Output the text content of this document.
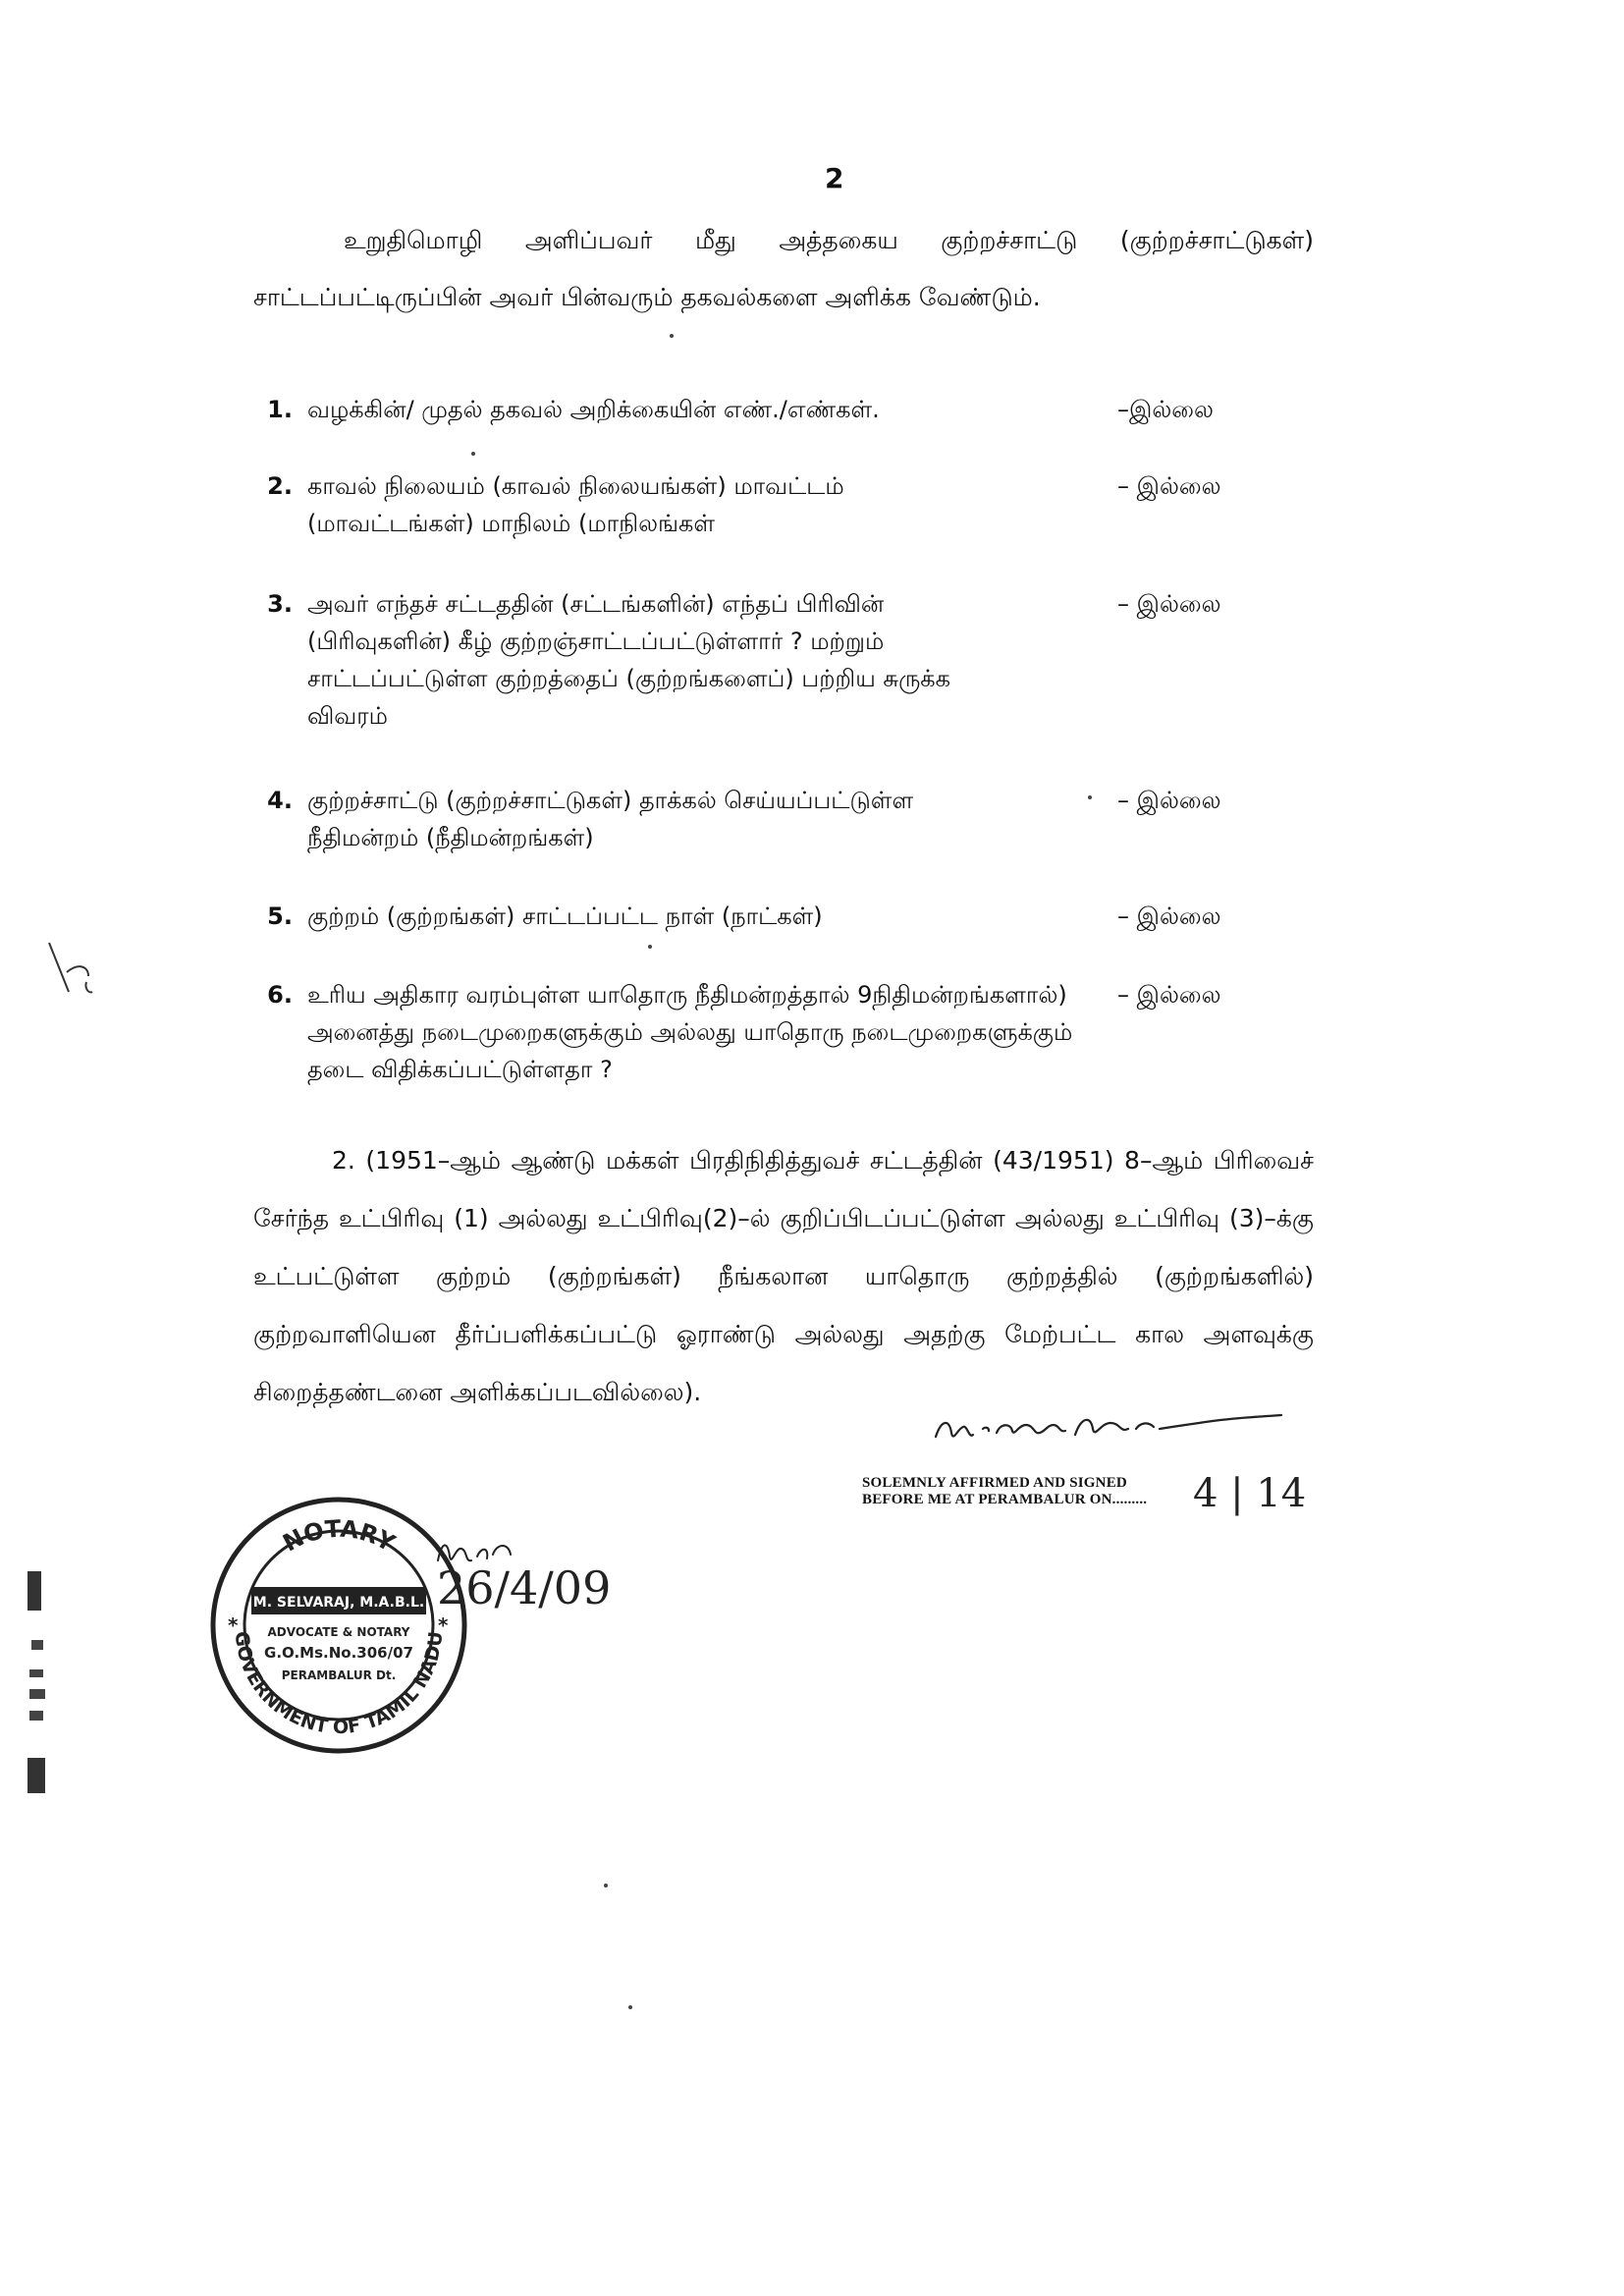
2
உறுதிமொழி அளிப்பவர் மீது அத்தகைய குற்றச்சாட்டு (குற்றச்சாட்டுகள்) சாட்டப்பட்டிருப்பின் அவர் பின்வரும் தகவல்களை அளிக்க வேண்டும்.
1. வழக்கின்/ முதல் தகவல் அறிக்கையின் எண்./எண்கள்.	–இல்லை
2. காவல் நிலையம் (காவல் நிலையங்கள்) மாவட்டம் (மாவட்டங்கள்) மாநிலம் (மாநிலங்கள்
– இல்லை
3. அவர் எந்தச் சட்டததின் (சட்டங்களின்) எந்தப் பிரிவின் (பிரிவுகளின்) கீழ் குற்றஞ்சாட்டப்பட்டுள்ளார் ? மற்றும் சாட்டப்பட்டுள்ள குற்றத்தைப் (குற்றங்களைப்) பற்றிய சுருக்க விவரம்
– இல்லை
4. குற்றச்சாட்டு (குற்றச்சாட்டுகள்) தாக்கல் செய்யப்பட்டுள்ள நீதிமன்றம் (நீதிமன்றங்கள்)
– இல்லை
5. குற்றம் (குற்றங்கள்) சாட்டப்பட்ட நாள் (நாட்கள்)	– இல்லை
6. உரிய அதிகார வரம்புள்ள யாதொரு நீதிமன்றத்தால் 9நிதிமன்றங்களால்) அனைத்து நடைமுறைகளுக்கும் அல்லது யாதொரு நடைமுறைகளுக்கும் தடை விதிக்கப்பட்டுள்ளதா ?
– இல்லை
2. (1951–ஆம் ஆண்டு மக்கள் பிரதிநிதித்துவச் சட்டத்தின் (43/1951) 8–ஆம் பிரிவைச் சேர்ந்த உட்பிரிவு (1) அல்லது உட்பிரிவு(2)–ல் குறிப்பிடப்பட்டுள்ள அல்லது உட்பிரிவு (3)–க்கு உட்பட்டுள்ள குற்றம் (குற்றங்கள்) நீங்கலான யாதொரு குற்றத்தில் (குற்றங்களில்) குற்றவாளியென தீர்ப்பளிக்கப்பட்டு ஓராண்டு அல்லது அதற்கு மேற்பட்ட கால அளவுக்கு சிறைத்தண்டனை அளிக்கப்படவில்லை).
SOLEMNLY AFFIRMED AND SIGNED
BEFORE ME AT PERAMBALUR ON......... 4 | 14
NOTARY
GOVERNMENT OF TAMIL NADU
M. SELVARAJ, M.A.B.L.
ADVOCATE & NOTARY
G.O.Ms.No.306/07
PERAMBALUR Dt.
*	*
26/4/09
